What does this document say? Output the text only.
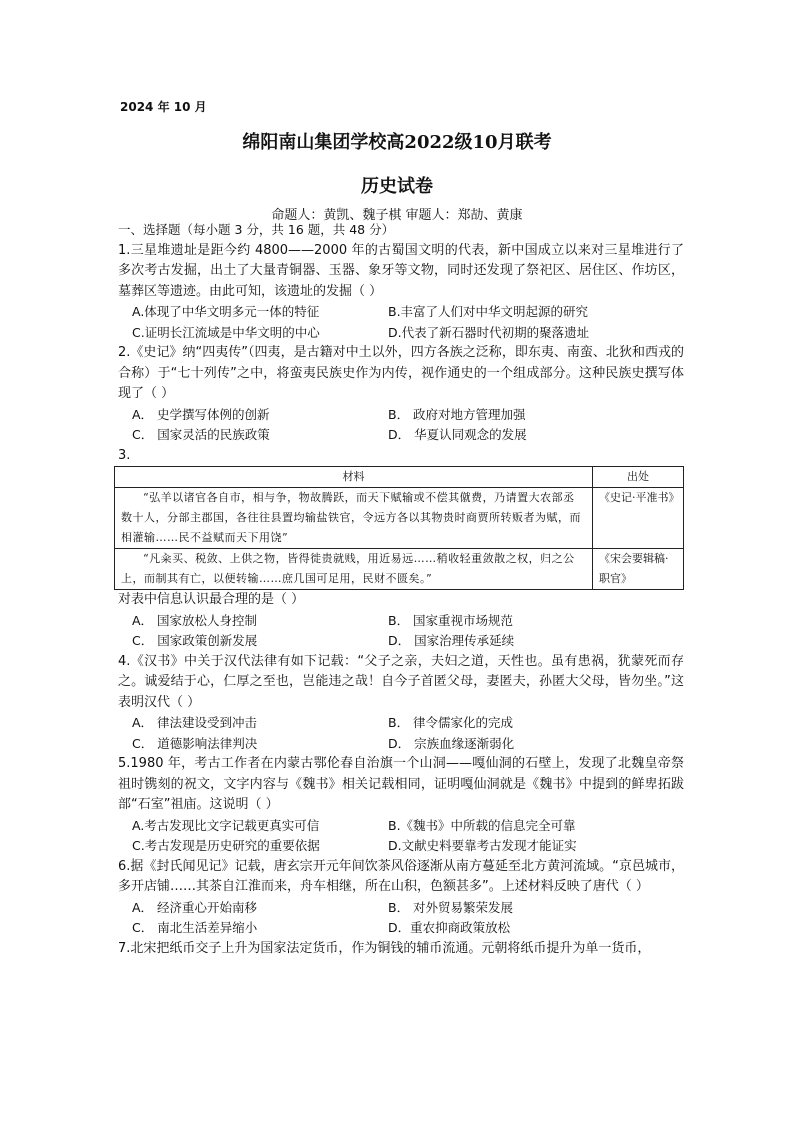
2024 年 10 月
绵阳南山集团学校高2022级10月联考
历史试卷
命题人：黄凯、魏子棋 审题人：郑劼、黄康

一、选择题（每小题 3 分，共 16 题，共 48 分）

1.三星堆遗址是距今约 4800——2000 年的古蜀国文明的代表，新中国成立以来对三星堆进行了多次考古发掘，出土了大量青铜器、玉器、象牙等文物，同时还发现了祭祀区、居住区、作坊区，墓葬区等遗迹。由此可知，该遗址的发掘（ ）

A.体现了中华文明多元一体的特征	B.丰富了人们对中华文明起源的研究
C.证明长江流域是中华文明的中心	D.代表了新石器时代初期的聚落遗址

2.《史记》纳“四夷传”（四夷，是古籍对中土以外，四方各族之泛称，即东夷、南蛮、北狄和西戎的合称）于“七十列传”之中，将蛮夷民族史作为内传，视作通史的一个组成部分。这种民族史撰写体现了（ ）

A． 史学撰写体例的创新	B． 政府对地方管理加强
C． 国家灵活的民族政策	D． 华夏认同观念的发展

3.

材料	出处
“弘羊以诸官各自市，相与争，物故腾跃，而天下赋输或不偿其僦费，乃请置大农部丞数十人，分部主郡国，各往往县置均输盐铁官，令远方各以其物贵时商贾所转贩者为赋，而相灌输……民不益赋而天下用饶”	《史记·平准书》
“凡籴买、税敛、上供之物，皆得徙贵就贱，用近易远……稍收轻重敛散之权，归之公上，而制其有亡，以便转输……庶几国可足用，民财不匮矣。”	《宋会要辑稿·职官》

对表中信息认识最合理的是（ ）

A． 国家放松人身控制	B． 国家重视市场规范
C． 国家政策创新发展	D． 国家治理传承延续

4.《汉书》中关于汉代法律有如下记载：“父子之亲，夫妇之道，天性也。虽有患祸，犹蒙死而存之。诚爱结于心，仁厚之至也，岂能违之哉！自今子首匿父母，妻匿夫，孙匿大父母，皆勿坐。”这表明汉代（ ）

A． 律法建设受到冲击	B． 律令儒家化的完成
C． 道德影响法律判决	D． 宗族血缘逐渐弱化

5.1980 年，考古工作者在内蒙古鄂伦春自治旗一个山洞——嘎仙洞的石壁上，发现了北魏皇帝祭祖时镌刻的祝文，文字内容与《魏书》相关记载相同，证明嘎仙洞就是《魏书》中提到的鲜卑拓跋部“石室”祖庙。这说明（ ）

A.考古发现比文字记载更真实可信	B.《魏书》中所载的信息完全可靠
C.考古发现是历史研究的重要依据	D.文献史料要靠考古发现才能证实

6.据《封氏闻见记》记载，唐玄宗开元年间饮茶风俗逐渐从南方蔓延至北方黄河流域。“京邑城市，多开店铺……其茶自江淮而来，舟车相继，所在山积，色额甚多”。上述材料反映了唐代（ ）

A． 经济重心开始南移	B． 对外贸易繁荣发展
C． 南北生活差异缩小	D．重农抑商政策放松

7.北宋把纸币交子上升为国家法定货币，作为铜钱的辅币流通。元朝将纸币提升为单一货币，
